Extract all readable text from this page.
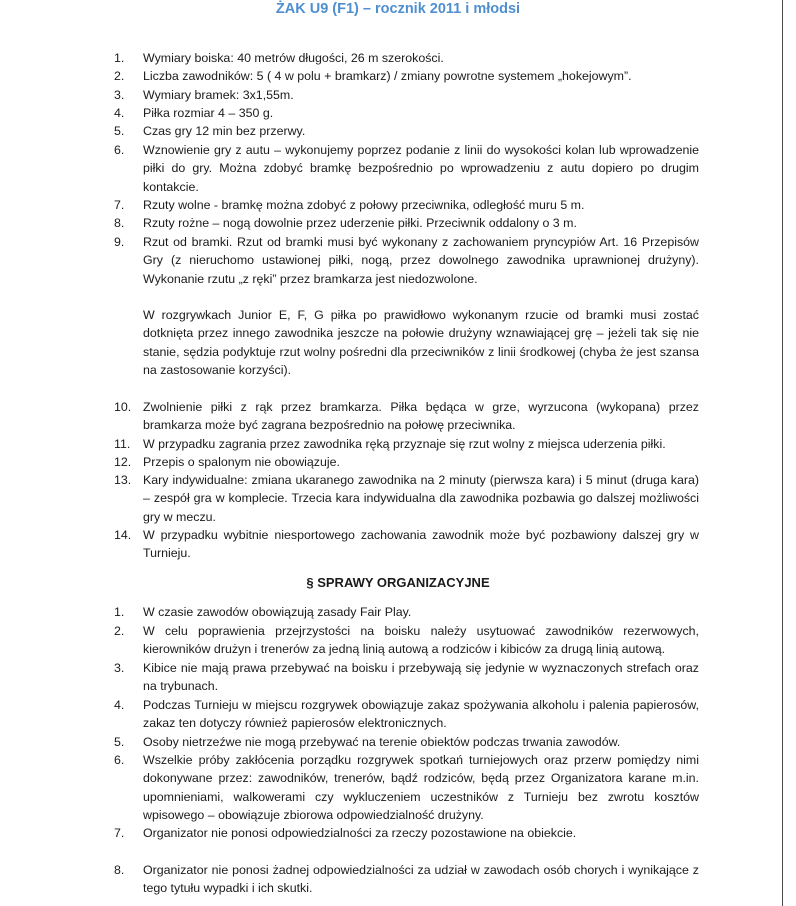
ŻAK U9 (F1) – rocznik 2011 i młodsi
1.	Wymiary boiska: 40 metrów długości, 26 m szerokości.
2.	Liczba zawodników: 5 ( 4 w polu + bramkarz) / zmiany powrotne systemem „hokejowym”.
3.	Wymiary bramek: 3x1,55m.
4.	Piłka rozmiar 4 – 350 g.
5.	Czas gry 12 min bez przerwy.
6.	Wznowienie gry z autu – wykonujemy poprzez podanie z linii do wysokości kolan lub wprowadzenie piłki do gry. Można zdobyć bramkę bezpośrednio po wprowadzeniu z autu dopiero po drugim kontakcie.
7.	Rzuty wolne - bramkę można zdobyć z połowy przeciwnika, odległość muru 5 m.
8.	Rzuty rożne – nogą dowolnie przez uderzenie piłki. Przeciwnik oddalony o 3 m.
9.	Rzut od bramki. Rzut od bramki musi być wykonany z zachowaniem pryncypiów Art. 16 Przepisów Gry (z nieruchomo ustawionej piłki, nogą, przez dowolnego zawodnika uprawnionej drużyny). Wykonanie rzutu „z ręki” przez bramkarza jest niedozwolone.
W rozgrywkach Junior E, F, G piłka po prawidłowo wykonanym rzucie od bramki musi zostać dotknięta przez innego zawodnika jeszcze na połowie drużyny wznawiającej grę – jeżeli tak się nie stanie, sędzia podyktuje rzut wolny pośredni dla przeciwników z linii środkowej (chyba że jest szansa na zastosowanie korzyści).
10. Zwolnienie piłki z rąk przez bramkarza. Piłka będąca w grze, wyrzucona (wykopana) przez bramkarza może być zagrana bezpośrednio na połowę przeciwnika.
11.	W przypadku zagrania przez zawodnika ręką przyznaje się rzut wolny z miejsca uderzenia piłki.
12. Przepis o spalonym nie obowiązuje.
13. Kary indywidualne: zmiana ukaranego zawodnika na 2 minuty (pierwsza kara) i 5 minut (druga kara) – zespół gra w komplecie. Trzecia kara indywidualna dla zawodnika pozbawia go dalszej możliwości gry w meczu.
14. W przypadku wybitnie niesportowego zachowania zawodnik może być pozbawiony dalszej gry w Turnieju.
§ SPRAWY ORGANIZACYJNE
1.	W czasie zawodów obowiązują zasady Fair Play.
2.	W celu poprawienia przejrzystości na boisku należy usytuować zawodników rezerwowych, kierowników drużyn i trenerów za jedną linią autową a rodziców i kibiców za drugą linią autową.
3.	Kibice nie mają prawa przebywać na boisku i przebywają się jedynie w wyznaczonych strefach oraz na trybunach.
4.	Podczas Turnieju w miejscu rozgrywek obowiązuje zakaz spożywania alkoholu i palenia papierosów, zakaz ten dotyczy również papierosów elektronicznych.
5.	Osoby nietrzeźwe nie mogą przebywać na terenie obiektów podczas trwania zawodów.
6.	Wszelkie próby zakłócenia porządku rozgrywek spotkań turniejowych oraz przerw pomiędzy nimi dokonywane przez: zawodników, trenerów, bądź rodziców, będą przez Organizatora karane m.in. upomnieniami, walkowerami czy wykluczeniem uczestników z Turnieju bez zwrotu kosztów wpisowego – obowiązuje zbiorowa odpowiedzialność drużyny.
7.	Organizator nie ponosi odpowiedzialności za rzeczy pozostawione na obiekcie.
8.	Organizator nie ponosi żadnej odpowiedzialności za udział w zawodach osób chorych i wynikające z tego tytułu wypadki i ich skutki.
